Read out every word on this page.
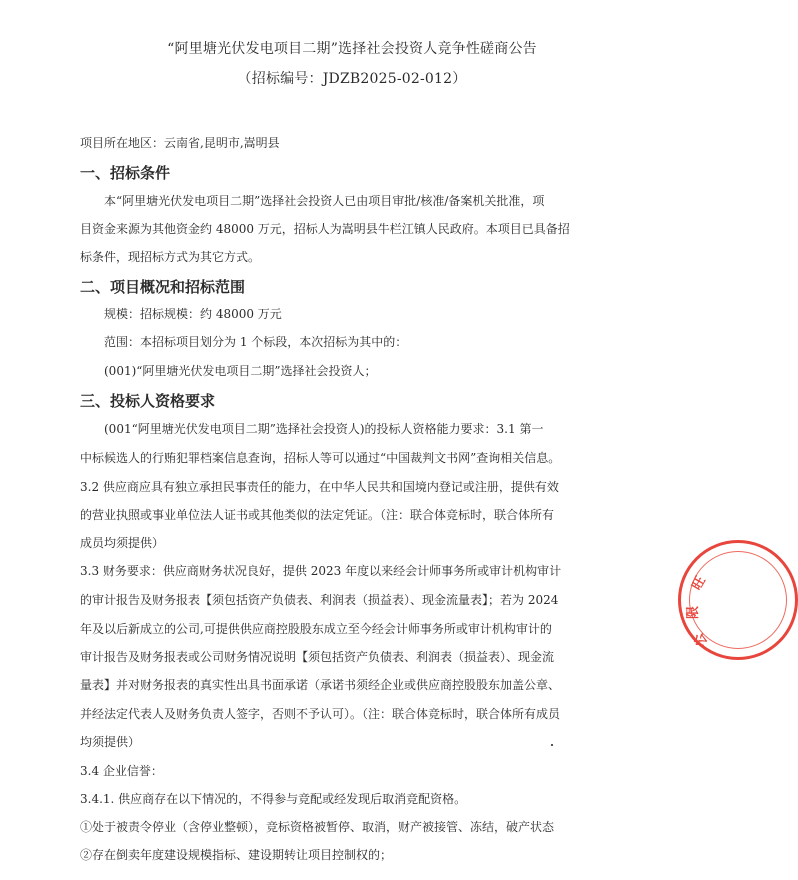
“阿里塘光伏发电项目二期”选择社会投资人竞争性磋商公告
（招标编号：JDZB2025-02-012）
项目所在地区：云南省,昆明市,嵩明县
一、招标条件
本“阿里塘光伏发电项目二期”选择社会投资人已由项目审批/核准/备案机关批准，项
目资金来源为其他资金约 48000 万元，招标人为嵩明县牛栏江镇人民政府。本项目已具备招
标条件，现招标方式为其它方式。
二、项目概况和招标范围
规模：招标规模：约 48000 万元
范围：本招标项目划分为 1 个标段，本次招标为其中的：
(001)“阿里塘光伏发电项目二期”选择社会投资人；
三、投标人资格要求
(001“阿里塘光伏发电项目二期”选择社会投资人)的投标人资格能力要求：3.1 第一
中标候选人的行贿犯罪档案信息查询，招标人等可以通过“中国裁判文书网”查询相关信息。
3.2 供应商应具有独立承担民事责任的能力，在中华人民共和国境内登记或注册，提供有效
的营业执照或事业单位法人证书或其他类似的法定凭证。（注：联合体竞标时，联合体所有
成员均须提供）
3.3 财务要求：供应商财务状况良好，提供 2023 年度以来经会计师事务所或审计机构审计
的审计报告及财务报表【须包括资产负债表、利润表（损益表）、现金流量表】；若为 2024
年及以后新成立的公司,可提供供应商控股股东成立至今经会计师事务所或审计机构审计的
审计报告及财务报表或公司财务情况说明【须包括资产负债表、利润表（损益表）、现金流
量表】并对财务报表的真实性出具书面承诺（承诺书须经企业或供应商控股股东加盖公章、
并经法定代表人及财务负责人签字，否则不予认可）。（注：联合体竞标时，联合体所有成员
均须提供）
3.4 企业信誉：
3.4.1. 供应商存在以下情况的，不得参与竞配或经发现后取消竞配资格。
①处于被责令停业（含停业整顿），竞标资格被暂停、取消，财产被接管、冻结，破产状态
②存在倒卖年度建设规模指标、建设期转让项目控制权的；
旺
限
公
